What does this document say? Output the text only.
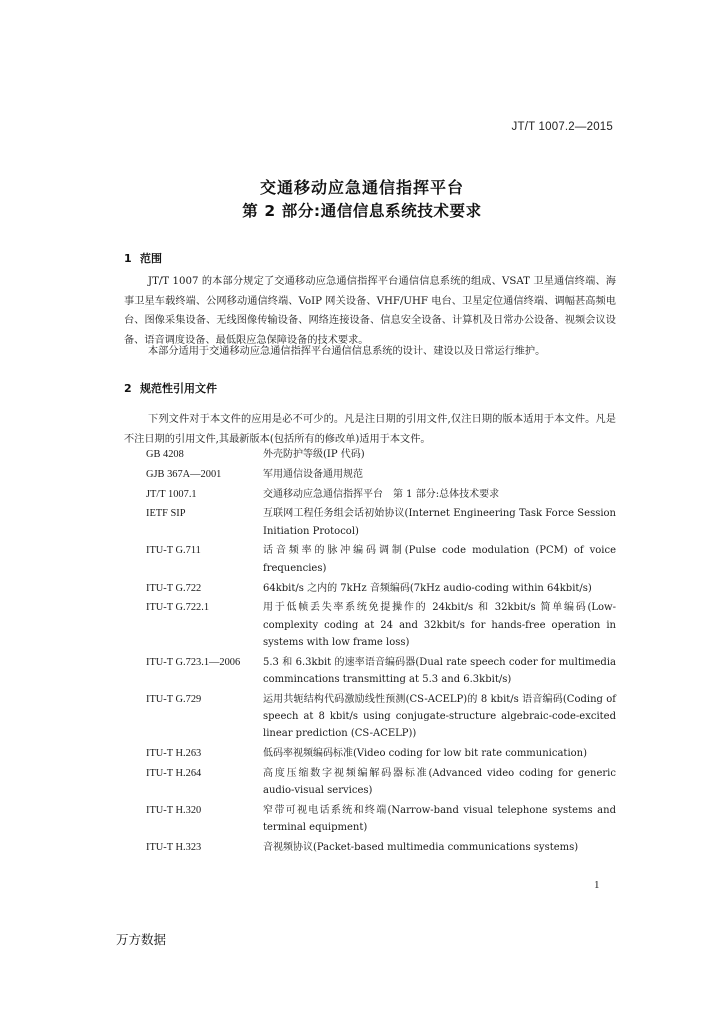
JT/T 1007.2—2015
交通移动应急通信指挥平台
第 2 部分:通信信息系统技术要求
1 范围

JT/T 1007 的本部分规定了交通移动应急通信指挥平台通信信息系统的组成、VSAT 卫星通信终端、海事卫星车载终端、公网移动通信终端、VoIP 网关设备、VHF/UHF 电台、卫星定位通信终端、调幅甚高频电台、图像采集设备、无线图像传输设备、网络连接设备、信息安全设备、计算机及日常办公设备、视频会议设备、语音调度设备、最低限应急保障设备的技术要求。

本部分适用于交通移动应急通信指挥平台通信信息系统的设计、建设以及日常运行维护。

2 规范性引用文件

下列文件对于本文件的应用是必不可少的。凡是注日期的引用文件,仅注日期的版本适用于本文件。凡是不注日期的引用文件,其最新版本(包括所有的修改单)适用于本文件。

GB 4208	外壳防护等级(IP 代码)
GJB 367A—2001	军用通信设备通用规范
JT/T 1007.1	交通移动应急通信指挥平台　第 1 部分:总体技术要求
IETF SIP	互联网工程任务组会话初始协议(Internet Engineering Task Force Session Initiation Protocol)
ITU-T G.711	话音频率的脉冲编码调制(Pulse code modulation (PCM) of voice frequencies)
ITU-T G.722	64kbit/s 之内的 7kHz 音频编码(7kHz audio-coding within 64kbit/s)
ITU-T G.722.1	用于低帧丢失率系统免提操作的 24kbit/s 和 32kbit/s 简单编码(Low-complexity coding at 24 and 32kbit/s for hands-free operation in systems with low frame loss)
ITU-T G.723.1—2006	5.3 和 6.3kbit 的速率语音编码器(Dual rate speech coder for multimedia commincations transmitting at 5.3 and 6.3kbit/s)
ITU-T G.729	运用共轭结构代码激励线性预测(CS-ACELP)的 8 kbit/s 语音编码(Coding of speech at 8 kbit/s using conjugate-structure algebraic-code-excited linear prediction (CS-ACELP))
ITU-T H.263	低码率视频编码标准(Video coding for low bit rate communication)
ITU-T H.264	高度压缩数字视频编解码器标准(Advanced video coding for generic audio-visual services)
ITU-T H.320	窄带可视电话系统和终端(Narrow-band visual telephone systems and terminal equipment)
ITU-T H.323	音视频协议(Packet-based multimedia communications systems)
1
万方数据
